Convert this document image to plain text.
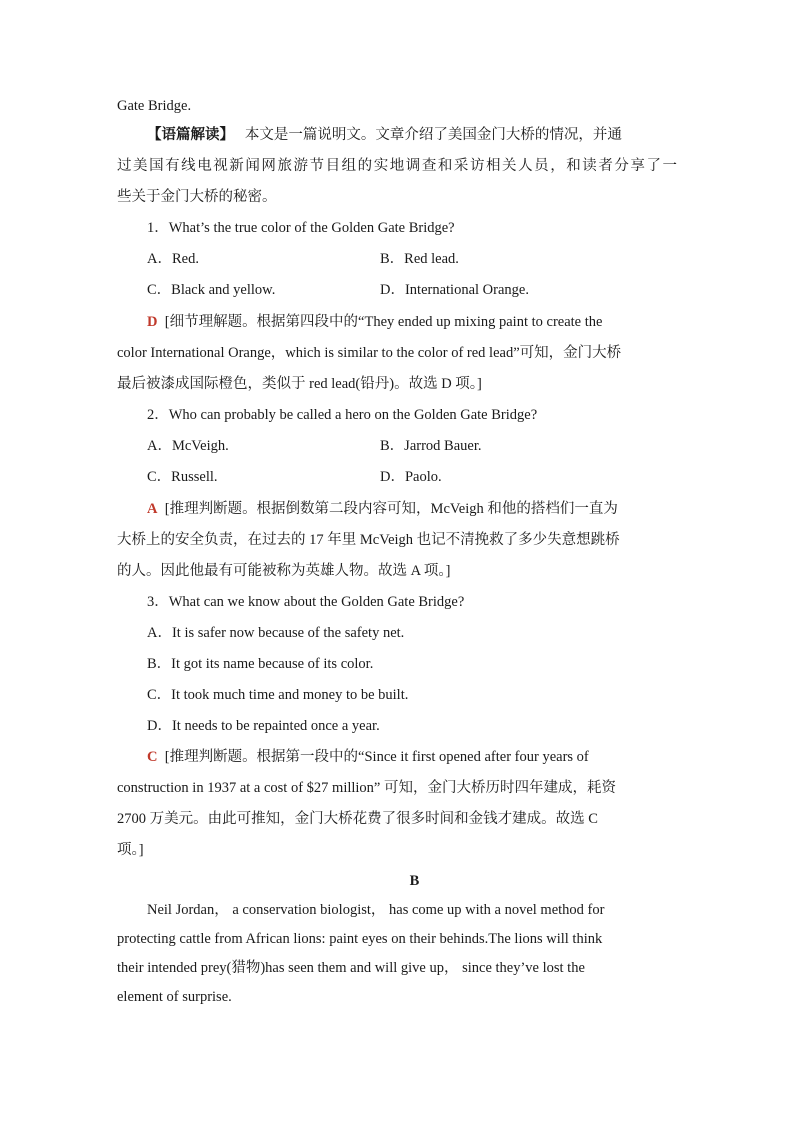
Gate Bridge.
【语篇解读】 本文是一篇说明文。文章介绍了美国金门大桥的情况，并通
过美国有线电视新闻网旅游节目组的实地调查和采访相关人员，和读者分享了一
些关于金门大桥的秘密。
1．What’s the true color of the Golden Gate Bridge?
A．Red.	B．Red lead.
C．Black and yellow.	D．International Orange.
D [细节理解题。根据第四段中的“They ended up mixing paint to create the
color International Orange，which is similar to the color of red lead”可知，金门大桥
最后被漆成国际橙色，类似于 red lead(铅丹)。故选 D 项。]
2．Who can probably be called a hero on the Golden Gate Bridge?
A．McVeigh.	B．Jarrod Bauer.
C．Russell.	D．Paolo.
A [推理判断题。根据倒数第二段内容可知，McVeigh 和他的搭档们一直为
大桥上的安全负责，在过去的 17 年里 McVeigh 也记不清挽救了多少失意想跳桥
的人。因此他最有可能被称为英雄人物。故选 A 项。]
3．What can we know about the Golden Gate Bridge?
A．It is safer now because of the safety net.
B．It got its name because of its color.
C．It took much time and money to be built.
D．It needs to be repainted once a year.
C [推理判断题。根据第一段中的“Since it first opened after four years of
construction in 1937 at a cost of $27 million” 可知，金门大桥历时四年建成，耗资
2700 万美元。由此可推知，金门大桥花费了很多时间和金钱才建成。故选 C
项。]
B
Neil Jordan， a conservation biologist， has come up with a novel method for
protecting cattle from African lions: paint eyes on their behinds.The lions will think
their intended prey(猎物)has seen them and will give up， since they’ve lost the
element of surprise.
